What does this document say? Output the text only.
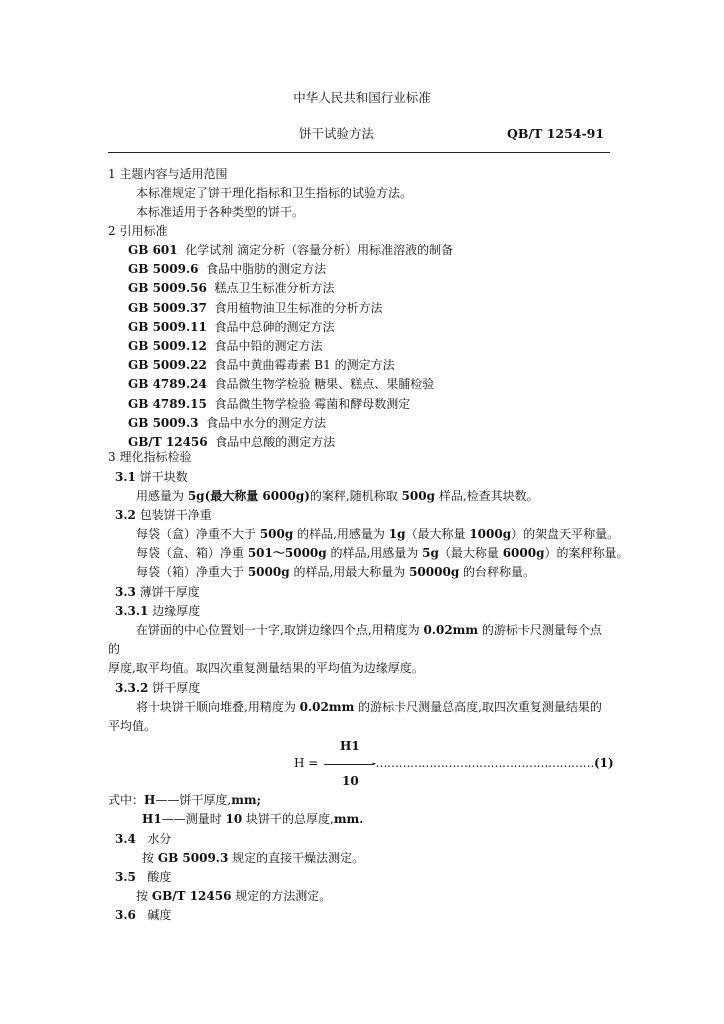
中华人民共和国行业标准
饼干试验方法	QB/T 1254-91
1 主题内容与适用范围
本标准规定了饼干理化指标和卫生指标的试验方法。
本标准适用于各种类型的饼干。
2 引用标准
GB 601 化学试剂 滴定分析（容量分析）用标准溶液的制备
GB 5009.6 食品中脂肪的测定方法
GB 5009.56 糕点卫生标准分析方法
GB 5009.37 食用植物油卫生标准的分析方法
GB 5009.11 食品中总砷的测定方法
GB 5009.12 食品中铅的测定方法
GB 5009.22 食品中黄曲霉毒素 B1 的测定方法
GB 4789.24 食品微生物学检验 糖果、糕点、果脯检验
GB 4789.15 食品微生物学检验 霉菌和酵母数测定
GB 5009.3 食品中水分的测定方法
GB/T 12456 食品中总酸的测定方法
3 理化指标检验
3.1 饼干块数
用感量为 5g(最大称量 6000g)的案秤,随机称取 500g 样品,检查其块数。
3.2 包装饼干净重
每袋（盒）净重不大于 500g 的样品,用感量为 1g（最大称量 1000g）的架盘天平称量。
每袋（盒、箱）净重 501～5000g 的样品,用感量为 5g（最大称量 6000g）的案秤称量。
每袋（箱）净重大于 5000g 的样品,用最大称量为 50000g 的台秤称量。
3.3 薄饼干厚度
3.3.1 边缘厚度
在饼面的中心位置划一十字,取饼边缘四个点,用精度为 0.02mm 的游标卡尺测量每个点
的
厚度,取平均值。取四次重复测量结果的平均值为边缘厚度。
3.3.2 饼干厚度
将十块饼干顺向堆叠,用精度为 0.02mm 的游标卡尺测量总高度,取四次重复测量结果的
平均值。
H1
H =	-………………………………………………… (1)
10
式中：H——饼干厚度,mm;
H1——测量时 10 块饼干的总厚度,mm.
3.4 水分
按 GB 5009.3 规定的直接干燥法测定。
3.5 酸度
按 GB/T 12456 规定的方法测定。
3.6 碱度
